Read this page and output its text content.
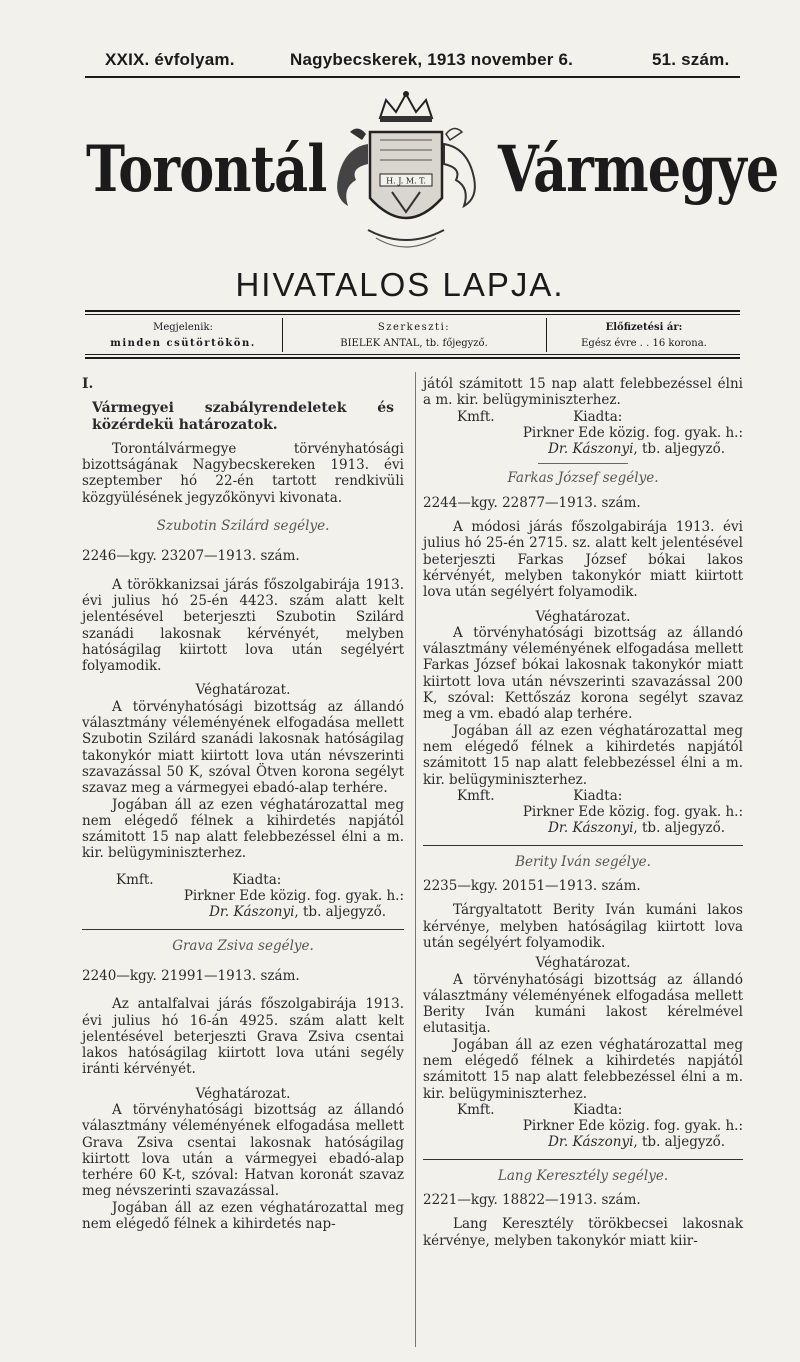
XXIX. évfolyam.	Nagybecskerek, 1913 november 6.	51. szám.
Torontál	Vármegye
H. J. M. T.
HIVATALOS LAPJA.
Megjelenik:
minden csütörtökön.
Szerkeszti:
BIELEK ANTAL, tb. főjegyző.
Előfizetési ár:
Egész évre . . 16 korona.

I.

Vármegyei szabályrendeletek és közérdekü határozatok.

Torontálvármegye törvényhatósági bizottságának Nagybecskereken 1913. évi szeptember hó 22-én tartott rendkivüli közgyülésének jegyzőkönyvi kivonata.

Szubotin Szilárd segélye.

2246—kgy. 23207—1913. szám.

A törökkanizsai járás főszolgabirája 1913. évi julius hó 25-én 4423. szám alatt kelt jelentésével beterjeszti Szubotin Szilárd szanádi lakosnak kérvényét, melyben hatóságilag kiirtott lova után segélyért folyamodik.

Véghatározat.

A törvényhatósági bizottság az állandó választmány véleményének elfogadása mellett Szubotin Szilárd szanádi lakosnak hatóságilag takonykór miatt kiirtott lova után névszerinti szavazással 50 K, szóval Ötven korona segélyt szavaz meg a vármegyei ebadó-alap terhére.

Jogában áll az ezen véghatározattal meg nem elégedő félnek a kihirdetés napjától számitott 15 nap alatt felebbezéssel élni a m. kir. belügyminiszterhez.

Kmft.	Kiadta:

Pirkner Ede közig. fog. gyak. h.:

Dr. Kászonyi, tb. aljegyző.

Grava Zsiva segélye.

2240—kgy. 21991—1913. szám.

Az antalfalvai járás főszolgabirája 1913. évi julius hó 16-án 4925. szám alatt kelt jelentésével beterjeszti Grava Zsiva csentai lakos hatóságilag kiirtott lova utáni segély iránti kérvényét.

Véghatározat.

A törvényhatósági bizottság az állandó választmány véleményének elfogadása mellett Grava Zsiva csentai lakosnak hatóságilag kiirtott lova után a vármegyei ebadó-alap terhére 60 K-t, szóval: Hatvan koronát szavaz meg névszerinti szavazással.

Jogában áll az ezen véghatározattal meg nem elégedő félnek a kihirdetés nap-

jától számitott 15 nap alatt felebbezéssel élni a m. kir. belügyminiszterhez.

Kmft.	Kiadta:

Pirkner Ede közig. fog. gyak. h.:

Dr. Kászonyi, tb. aljegyző.

Farkas József segélye.

2244—kgy. 22877—1913. szám.

A módosi járás főszolgabirája 1913. évi julius hó 25-én 2715. sz. alatt kelt jelentésével beterjeszti Farkas József bókai lakos kérvényét, melyben takonykór miatt kiirtott lova után segélyért folyamodik.

Véghatározat.

A törvényhatósági bizottság az állandó választmány véleményének elfogadása mellett Farkas József bókai lakosnak takonykór miatt kiirtott lova után névszerinti szavazással 200 K, szóval: Kettőszáz korona segélyt szavaz meg a vm. ebadó alap terhére.

Jogában áll az ezen véghatározattal meg nem elégedő félnek a kihirdetés napjától számitott 15 nap alatt felebbezéssel élni a m. kir. belügyminiszterhez.

Kmft.	Kiadta:

Pirkner Ede közig. fog. gyak. h.:

Dr. Kászonyi, tb. aljegyző.

Berity Iván segélye.

2235—kgy. 20151—1913. szám.

Tárgyaltatott Berity Iván kumáni lakos kérvénye, melyben hatóságilag kiirtott lova után segélyért folyamodik.

Véghatározat.

A törvényhatósági bizottság az állandó választmány véleményének elfogadása mellett Berity Iván kumáni lakost kérelmével elutasitja.

Jogában áll az ezen véghatározattal meg nem elégedő félnek a kihirdetés napjától számitott 15 nap alatt felebbezéssel élni a m. kir. belügyminiszterhez.

Kmft.	Kiadta:

Pirkner Ede közig. fog. gyak. h.:

Dr. Kászonyi, tb. aljegyző.

Lang Keresztély segélye.

2221—kgy. 18822—1913. szám.

Lang Keresztély törökbecsei lakosnak kérvénye, melyben takonykór miatt kiir-
